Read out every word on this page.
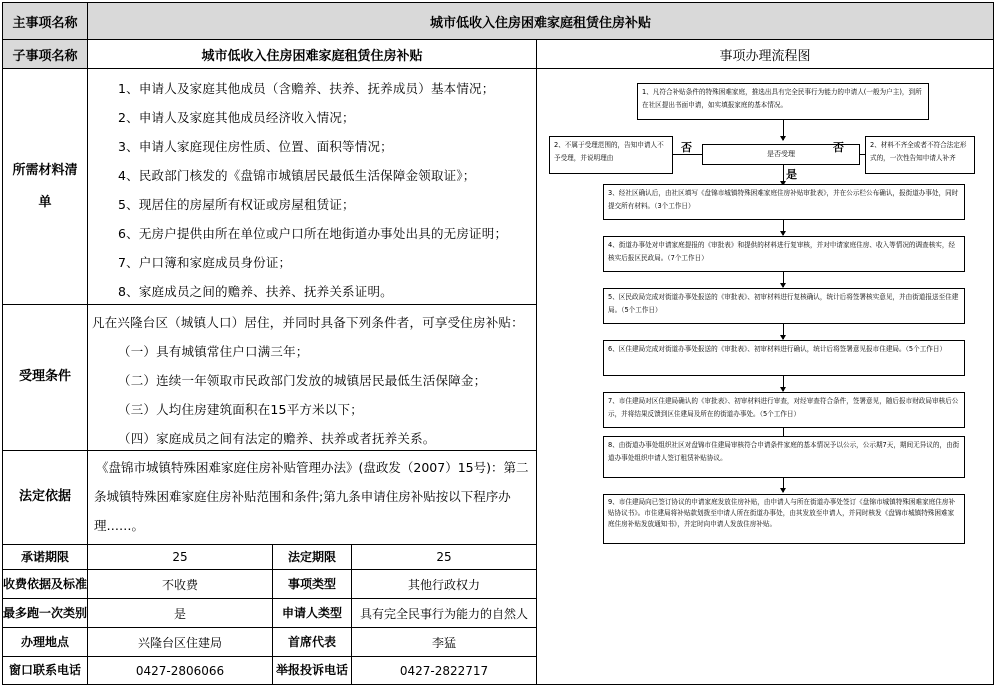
主事项名称	城市低收入住房困难家庭租赁住房补贴
子事项名称	城市低收入住房困难家庭租赁住房补贴	事项办理流程图
所需材料清单
1、申请人及家庭其他成员（含赡养、扶养、抚养成员）基本情况；
2、申请人及家庭其他成员经济收入情况；
3、申请人家庭现住房性质、位置、面积等情况；
4、民政部门核发的《盘锦市城镇居民最低生活保障金领取证》；
5、现居住的房屋所有权证或房屋租赁证；
6、无房户提供由所在单位或户口所在地街道办事处出具的无房证明；
7、户口簿和家庭成员身份证；
8、家庭成员之间的赡养、扶养、抚养关系证明。
受理条件
凡在兴隆台区（城镇人口）居住，并同时具备下列条件者，可享受住房补贴：
（一）具有城镇常住户口满三年；
（二）连续一年领取市民政部门发放的城镇居民最低生活保障金；
（三）人均住房建筑面积在15平方米以下；
（四）家庭成员之间有法定的赡养、扶养或者抚养关系。
法定依据
《盘锦市城镇特殊困难家庭住房补贴管理办法》(盘政发（2007）15号)：第二条城镇特殊困难家庭住房补贴范围和条件;第九条申请住房补贴按以下程序办理……。
承诺期限	25	法定期限	25
收费依据及标准	不收费	事项类型	其他行政权力
最多跑一次类别	是	申请人类型	具有完全民事行为能力的自然人
办理地点	兴隆台区住建局	首席代表	李猛
窗口联系电话	0427-2806066	举报投诉电话	0427-2822717
1、凡符合补贴条件的特殊困难家庭，推选出具有完全民事行为能力的申请人(一般为户主)，到所在社区提出书面申请，如实填报家庭的基本情况。
2、不属于受理范围的，告知申请人不予受理，并说明理由	是否受理
2、材料不齐全或者不符合法定形式的，一次性告知申请人补齐
否	否
是
3、经社区确认后，由社区填写《盘锦市城镇特殊困难家庭住房补贴审批表》，并在公示栏公布确认，报街道办事处，同时提交所有材料。（3个工作日）
4、街道办事处对申请家庭提报的《审批表》和提供的材料进行复审核，并对申请家庭住房、收入等情况的调查核实，经核实后报区民政局。（7个工作日）
5、区民政局完成对街道办事处报送的《审批表》、初审材料进行复核确认，统计后将签署核实意见，并由街道报送至住建局。（5个工作日）
6、区住建局完成对街道办事处报送的《审批表》、初审材料进行确认，统计后将签署意见报市住建局。（5个工作日）
7、市住建局对区住建局确认的《审批表》、初审材料进行审查，对经审查符合条件，签署意见，随后报市财政局审核后公示，并将结果反馈到区住建局及所在的街道办事处。（5个工作日）
8、由街道办事处组织社区对盘锦市住建局审核符合申请条件家庭的基本情况予以公示，公示期7天，期间无异议的，由街道办事处组织申请人签订租赁补贴协议。
9、市住建局向已签订协议的申请家庭发放住房补贴，由申请人与所在街道办事处签订《盘锦市城镇特殊困难家庭住房补贴协议书》。市住建局将补贴款划拨至申请人所在街道办事处，由其发放至申请人，并同时核发《盘锦市城镇特殊困难家庭住房补贴发放通知书》，并定时向申请人发放住房补贴。
